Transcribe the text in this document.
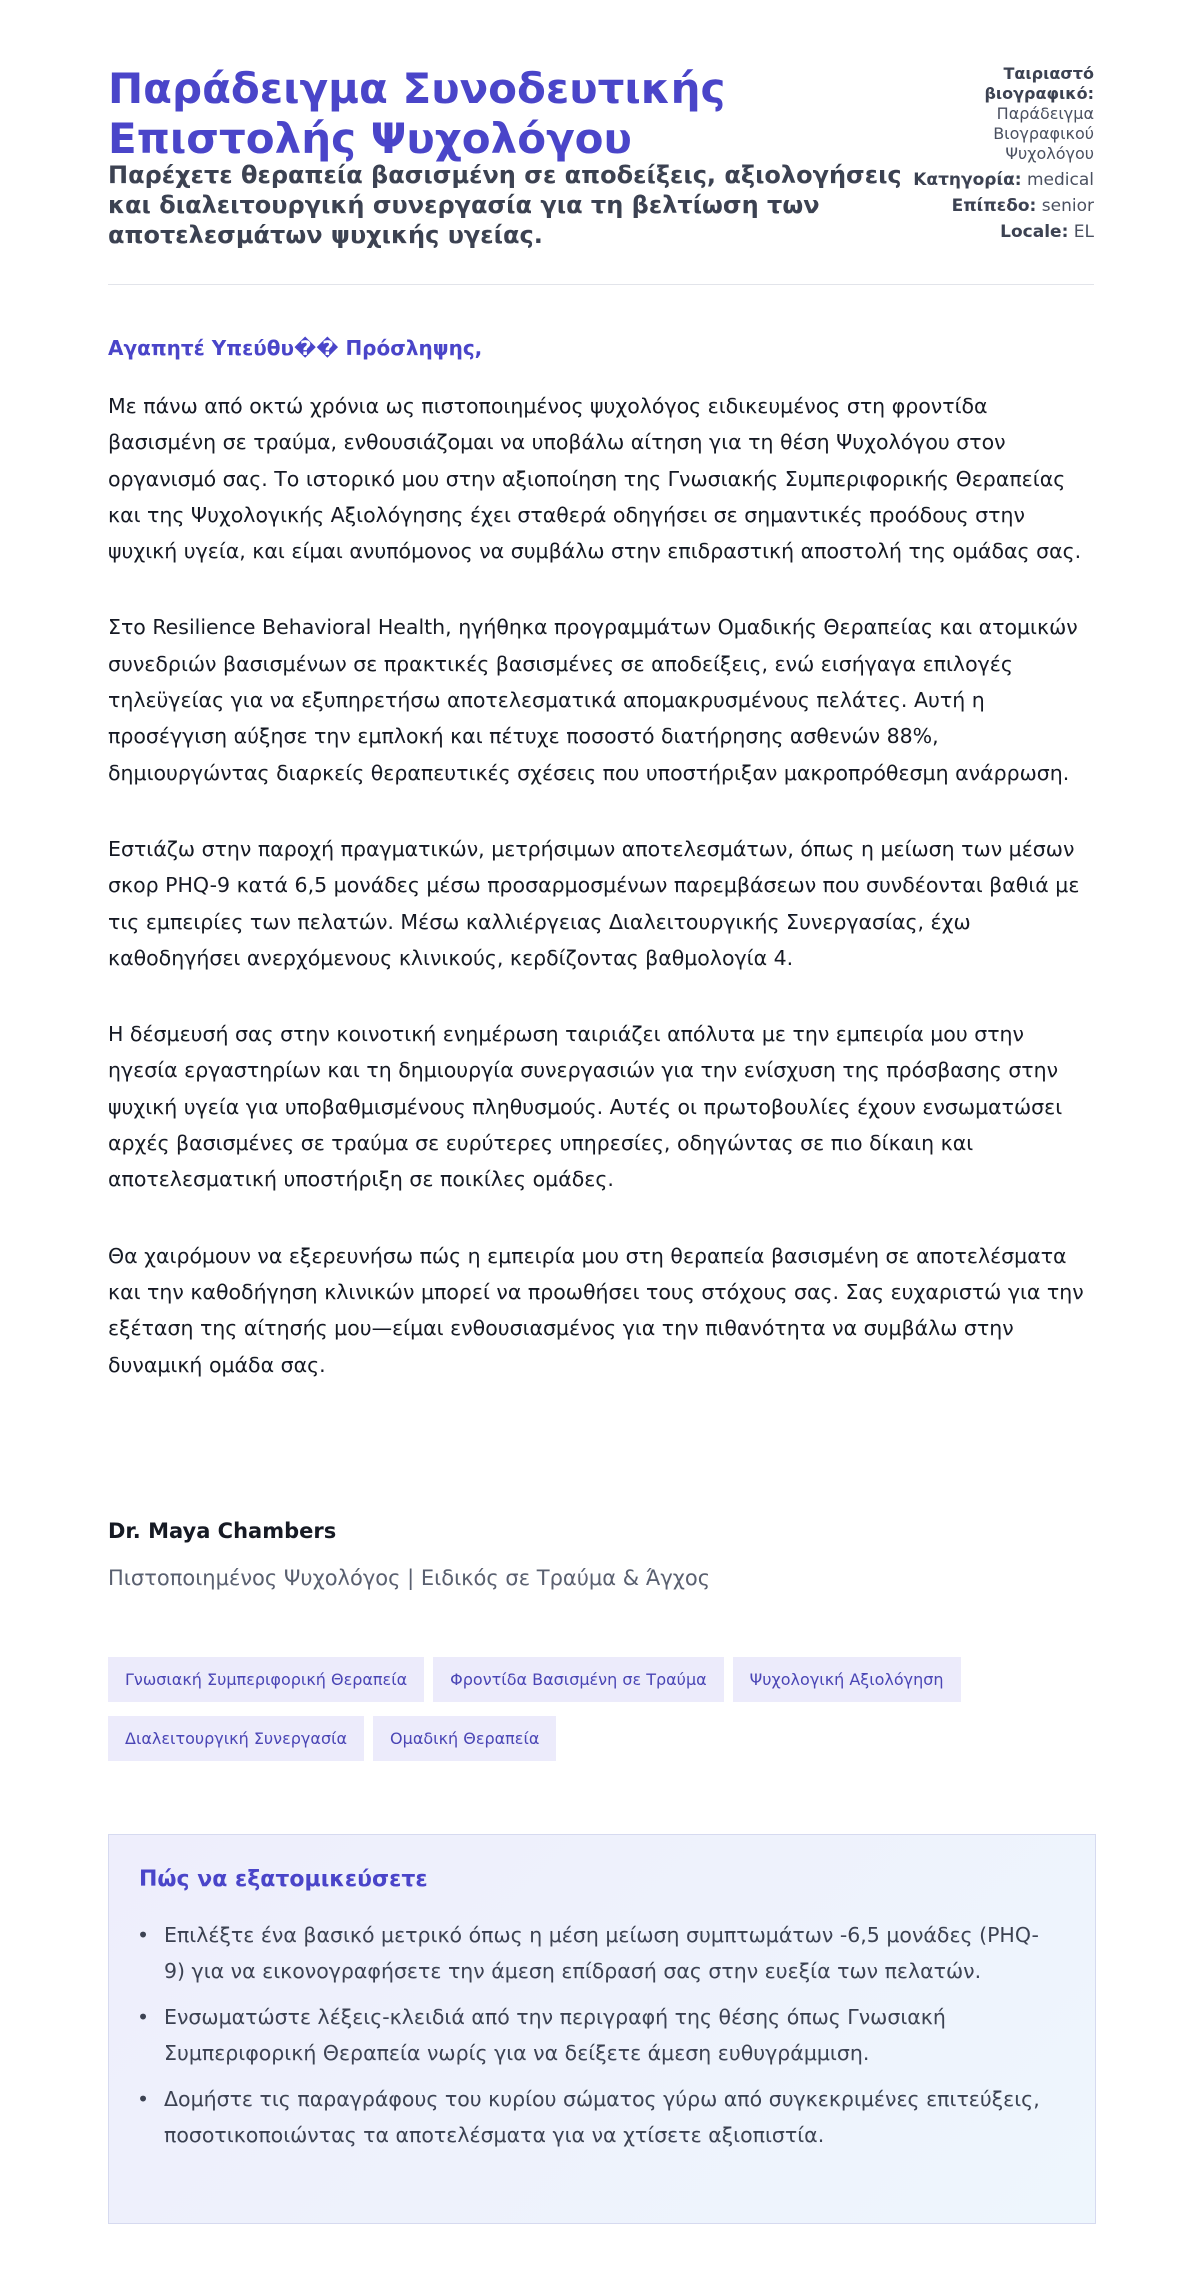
Παράδειγμα Συνοδευτικής Επιστολής Ψυχολόγου
Παρέχετε θεραπεία βασισμένη σε αποδείξεις, αξιολογήσεις και διαλειτουργική συνεργασία για τη βελτίωση των αποτελεσμάτων ψυχικής υγείας.

Ταιριαστό βιογραφικό:
Παράδειγμα Βιογραφικού Ψυχολόγου

Κατηγορία: medical

Επίπεδο: senior

Locale: EL

Αγαπητέ Υπεύθυ�� Πρόσληψης,

Με πάνω από οκτώ χρόνια ως πιστοποιημένος ψυχολόγος ειδικευμένος στη φροντίδα βασισμένη σε τραύμα, ενθουσιάζομαι να υποβάλω αίτηση για τη θέση Ψυχολόγου στον οργανισμό σας. Το ιστορικό μου στην αξιοποίηση της Γνωσιακής Συμπεριφορικής Θεραπείας και της Ψυχολογικής Αξιολόγησης έχει σταθερά οδηγήσει σε σημαντικές προόδους στην ψυχική υγεία, και είμαι ανυπόμονος να συμβάλω στην επιδραστική αποστολή της ομάδας σας.

Στο Resilience Behavioral Health, ηγήθηκα προγραμμάτων Ομαδικής Θεραπείας και ατομικών συνεδριών βασισμένων σε πρακτικές βασισμένες σε αποδείξεις, ενώ εισήγαγα επιλογές τηλεϋγείας για να εξυπηρετήσω αποτελεσματικά απομακρυσμένους πελάτες. Αυτή η προσέγγιση αύξησε την εμπλοκή και πέτυχε ποσοστό διατήρησης ασθενών 88%, δημιουργώντας διαρκείς θεραπευτικές σχέσεις που υποστήριξαν μακροπρόθεσμη ανάρρωση.

Εστιάζω στην παροχή πραγματικών, μετρήσιμων αποτελεσμάτων, όπως η μείωση των μέσων σκορ PHQ-9 κατά 6,5 μονάδες μέσω προσαρμοσμένων παρεμβάσεων που συνδέονται βαθιά με τις εμπειρίες των πελατών. Μέσω καλλιέργειας Διαλειτουργικής Συνεργασίας, έχω καθοδηγήσει ανερχόμενους κλινικούς, κερδίζοντας βαθμολογία 4.

Η δέσμευσή σας στην κοινοτική ενημέρωση ταιριάζει απόλυτα με την εμπειρία μου στην ηγεσία εργαστηρίων και τη δημιουργία συνεργασιών για την ενίσχυση της πρόσβασης στην ψυχική υγεία για υποβαθμισμένους πληθυσμούς. Αυτές οι πρωτοβουλίες έχουν ενσωματώσει αρχές βασισμένες σε τραύμα σε ευρύτερες υπηρεσίες, οδηγώντας σε πιο δίκαιη και αποτελεσματική υποστήριξη σε ποικίλες ομάδες.

Θα χαιρόμουν να εξερευνήσω πώς η εμπειρία μου στη θεραπεία βασισμένη σε αποτελέσματα και την καθοδήγηση κλινικών μπορεί να προωθήσει τους στόχους σας. Σας ευχαριστώ για την εξέταση της αίτησής μου—είμαι ενθουσιασμένος για την πιθανότητα να συμβάλω στην δυναμική ομάδα σας.

Dr. Maya Chambers

Πιστοποιημένος Ψυχολόγος | Ειδικός σε Τραύμα & Άγχος

Γνωσιακή Συμπεριφορική Θεραπεία	Φροντίδα Βασισμένη σε Τραύμα	Ψυχολογική Αξιολόγηση
Διαλειτουργική Συνεργασία	Ομαδική Θεραπεία
Πώς να εξατομικεύσετε
• Επιλέξτε ένα βασικό μετρικό όπως η μέση μείωση συμπτωμάτων -6,5 μονάδες (PHQ-9) για να εικονογραφήσετε την άμεση επίδρασή σας στην ευεξία των πελατών.
• Ενσωματώστε λέξεις-κλειδιά από την περιγραφή της θέσης όπως Γνωσιακή Συμπεριφορική Θεραπεία νωρίς για να δείξετε άμεση ευθυγράμμιση.
• Δομήστε τις παραγράφους του κυρίου σώματος γύρω από συγκεκριμένες επιτεύξεις, ποσοτικοποιώντας τα αποτελέσματα για να χτίσετε αξιοπιστία.
